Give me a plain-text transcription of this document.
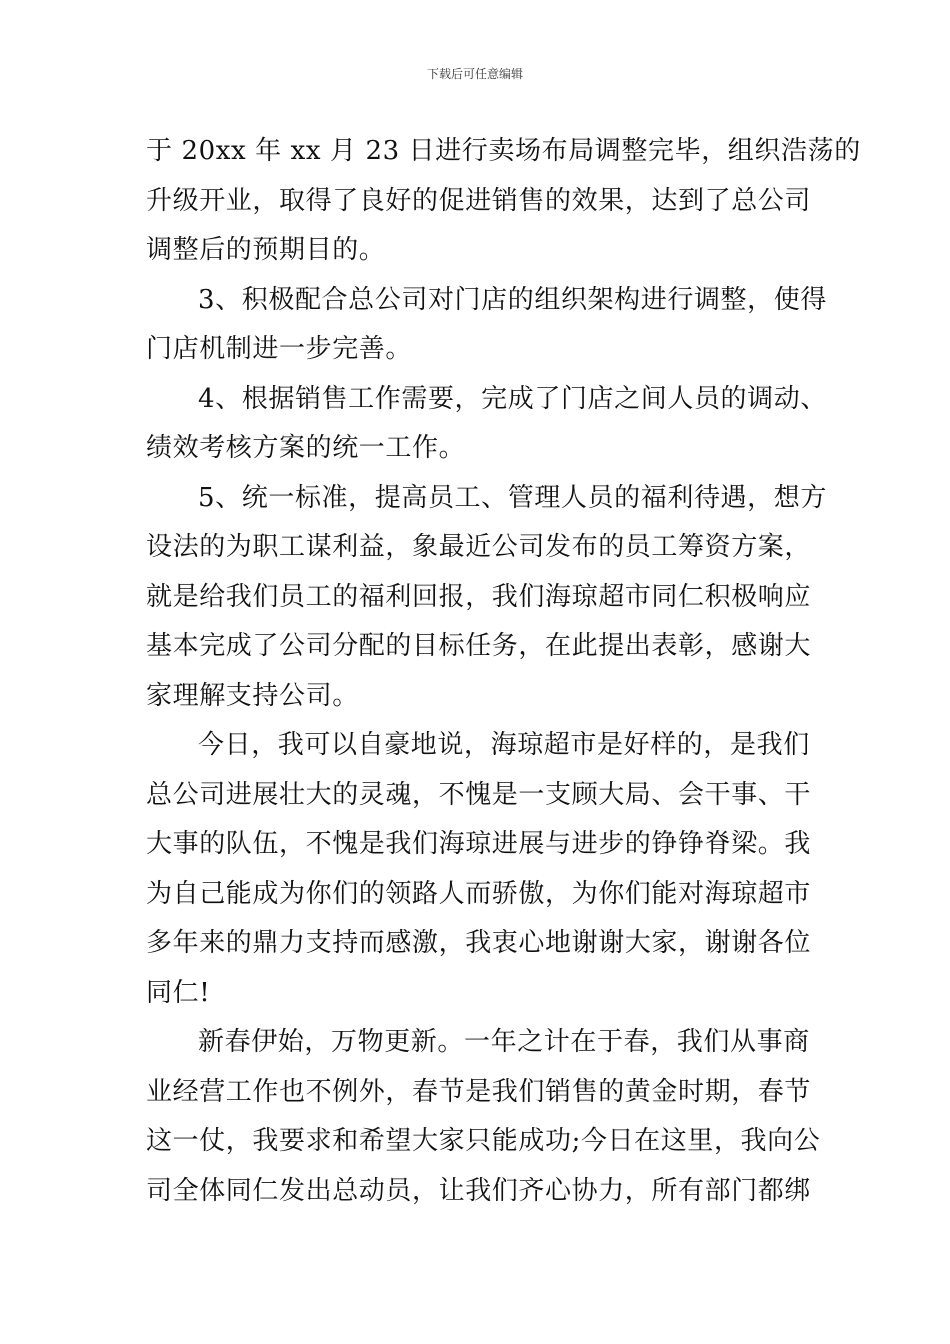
下载后可任意编辑
于 20xx 年 xx 月 23 日进行卖场布局调整完毕，组织浩荡的
升级开业，取得了良好的促进销售的效果，达到了总公司
调整后的预期目的。
3、积极配合总公司对门店的组织架构进行调整，使得
门店机制进一步完善。
4、根据销售工作需要，完成了门店之间人员的调动、
绩效考核方案的统一工作。
5、统一标准，提高员工、管理人员的福利待遇，想方
设法的为职工谋利益，象最近公司发布的员工筹资方案，
就是给我们员工的福利回报，我们海琼超市同仁积极响应
基本完成了公司分配的目标任务，在此提出表彰，感谢大
家理解支持公司。
今日，我可以自豪地说，海琼超市是好样的，是我们
总公司进展壮大的灵魂，不愧是一支顾大局、会干事、干
大事的队伍，不愧是我们海琼进展与进步的铮铮脊梁。我
为自己能成为你们的领路人而骄傲，为你们能对海琼超市
多年来的鼎力支持而感激，我衷心地谢谢大家，谢谢各位
同仁!
新春伊始，万物更新。一年之计在于春，我们从事商
业经营工作也不例外，春节是我们销售的黄金时期，春节
这一仗，我要求和希望大家只能成功;今日在这里，我向公
司全体同仁发出总动员，让我们齐心协力，所有部门都绑
